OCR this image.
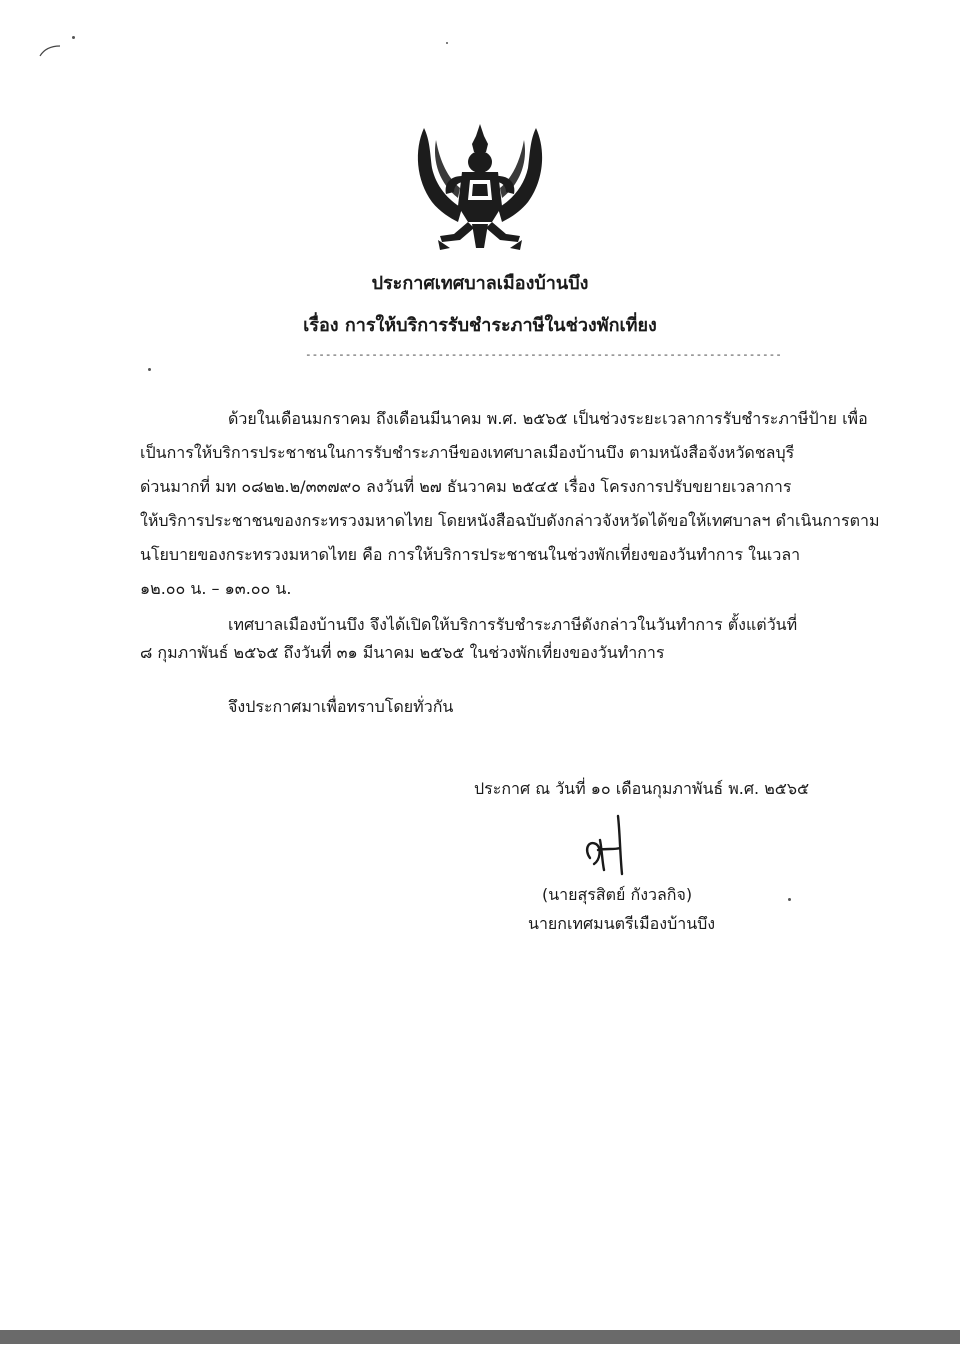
ประกาศเทศบาลเมืองบ้านบึง
เรื่อง การให้บริการรับชำระภาษีในช่วงพักเที่ยง
------------------------------------------------------------------------
ด้วยในเดือนมกราคม ถึงเดือนมีนาคม พ.ศ. ๒๕๖๕ เป็นช่วงระยะเวลาการรับชำระภาษีป้าย เพื่อ
เป็นการให้บริการประชาชนในการรับชำระภาษีของเทศบาลเมืองบ้านบึง ตามหนังสือจังหวัดชลบุรี
ด่วนมากที่ มท ๐๘๒๒.๒/๓๓๗๙๐ ลงวันที่ ๒๗ ธันวาคม ๒๕๔๕ เรื่อง โครงการปรับขยายเวลาการ
ให้บริการประชาชนของกระทรวงมหาดไทย โดยหนังสือฉบับดังกล่าวจังหวัดได้ขอให้เทศบาลฯ ดำเนินการตาม
นโยบายของกระทรวงมหาดไทย คือ การให้บริการประชาชนในช่วงพักเที่ยงของวันทำการ ในเวลา
๑๒.๐๐ น. – ๑๓.๐๐ น.
เทศบาลเมืองบ้านบึง จึงได้เปิดให้บริการรับชำระภาษีดังกล่าวในวันทำการ ตั้งแต่วันที่
๘ กุมภาพันธ์ ๒๕๖๕ ถึงวันที่ ๓๑ มีนาคม ๒๕๖๕ ในช่วงพักเที่ยงของวันทำการ
จึงประกาศมาเพื่อทราบโดยทั่วกัน
ประกาศ ณ วันที่ ๑๐ เดือนกุมภาพันธ์ พ.ศ. ๒๕๖๕
(นายสุรสิตย์ กังวลกิจ)
นายกเทศมนตรีเมืองบ้านบึง
